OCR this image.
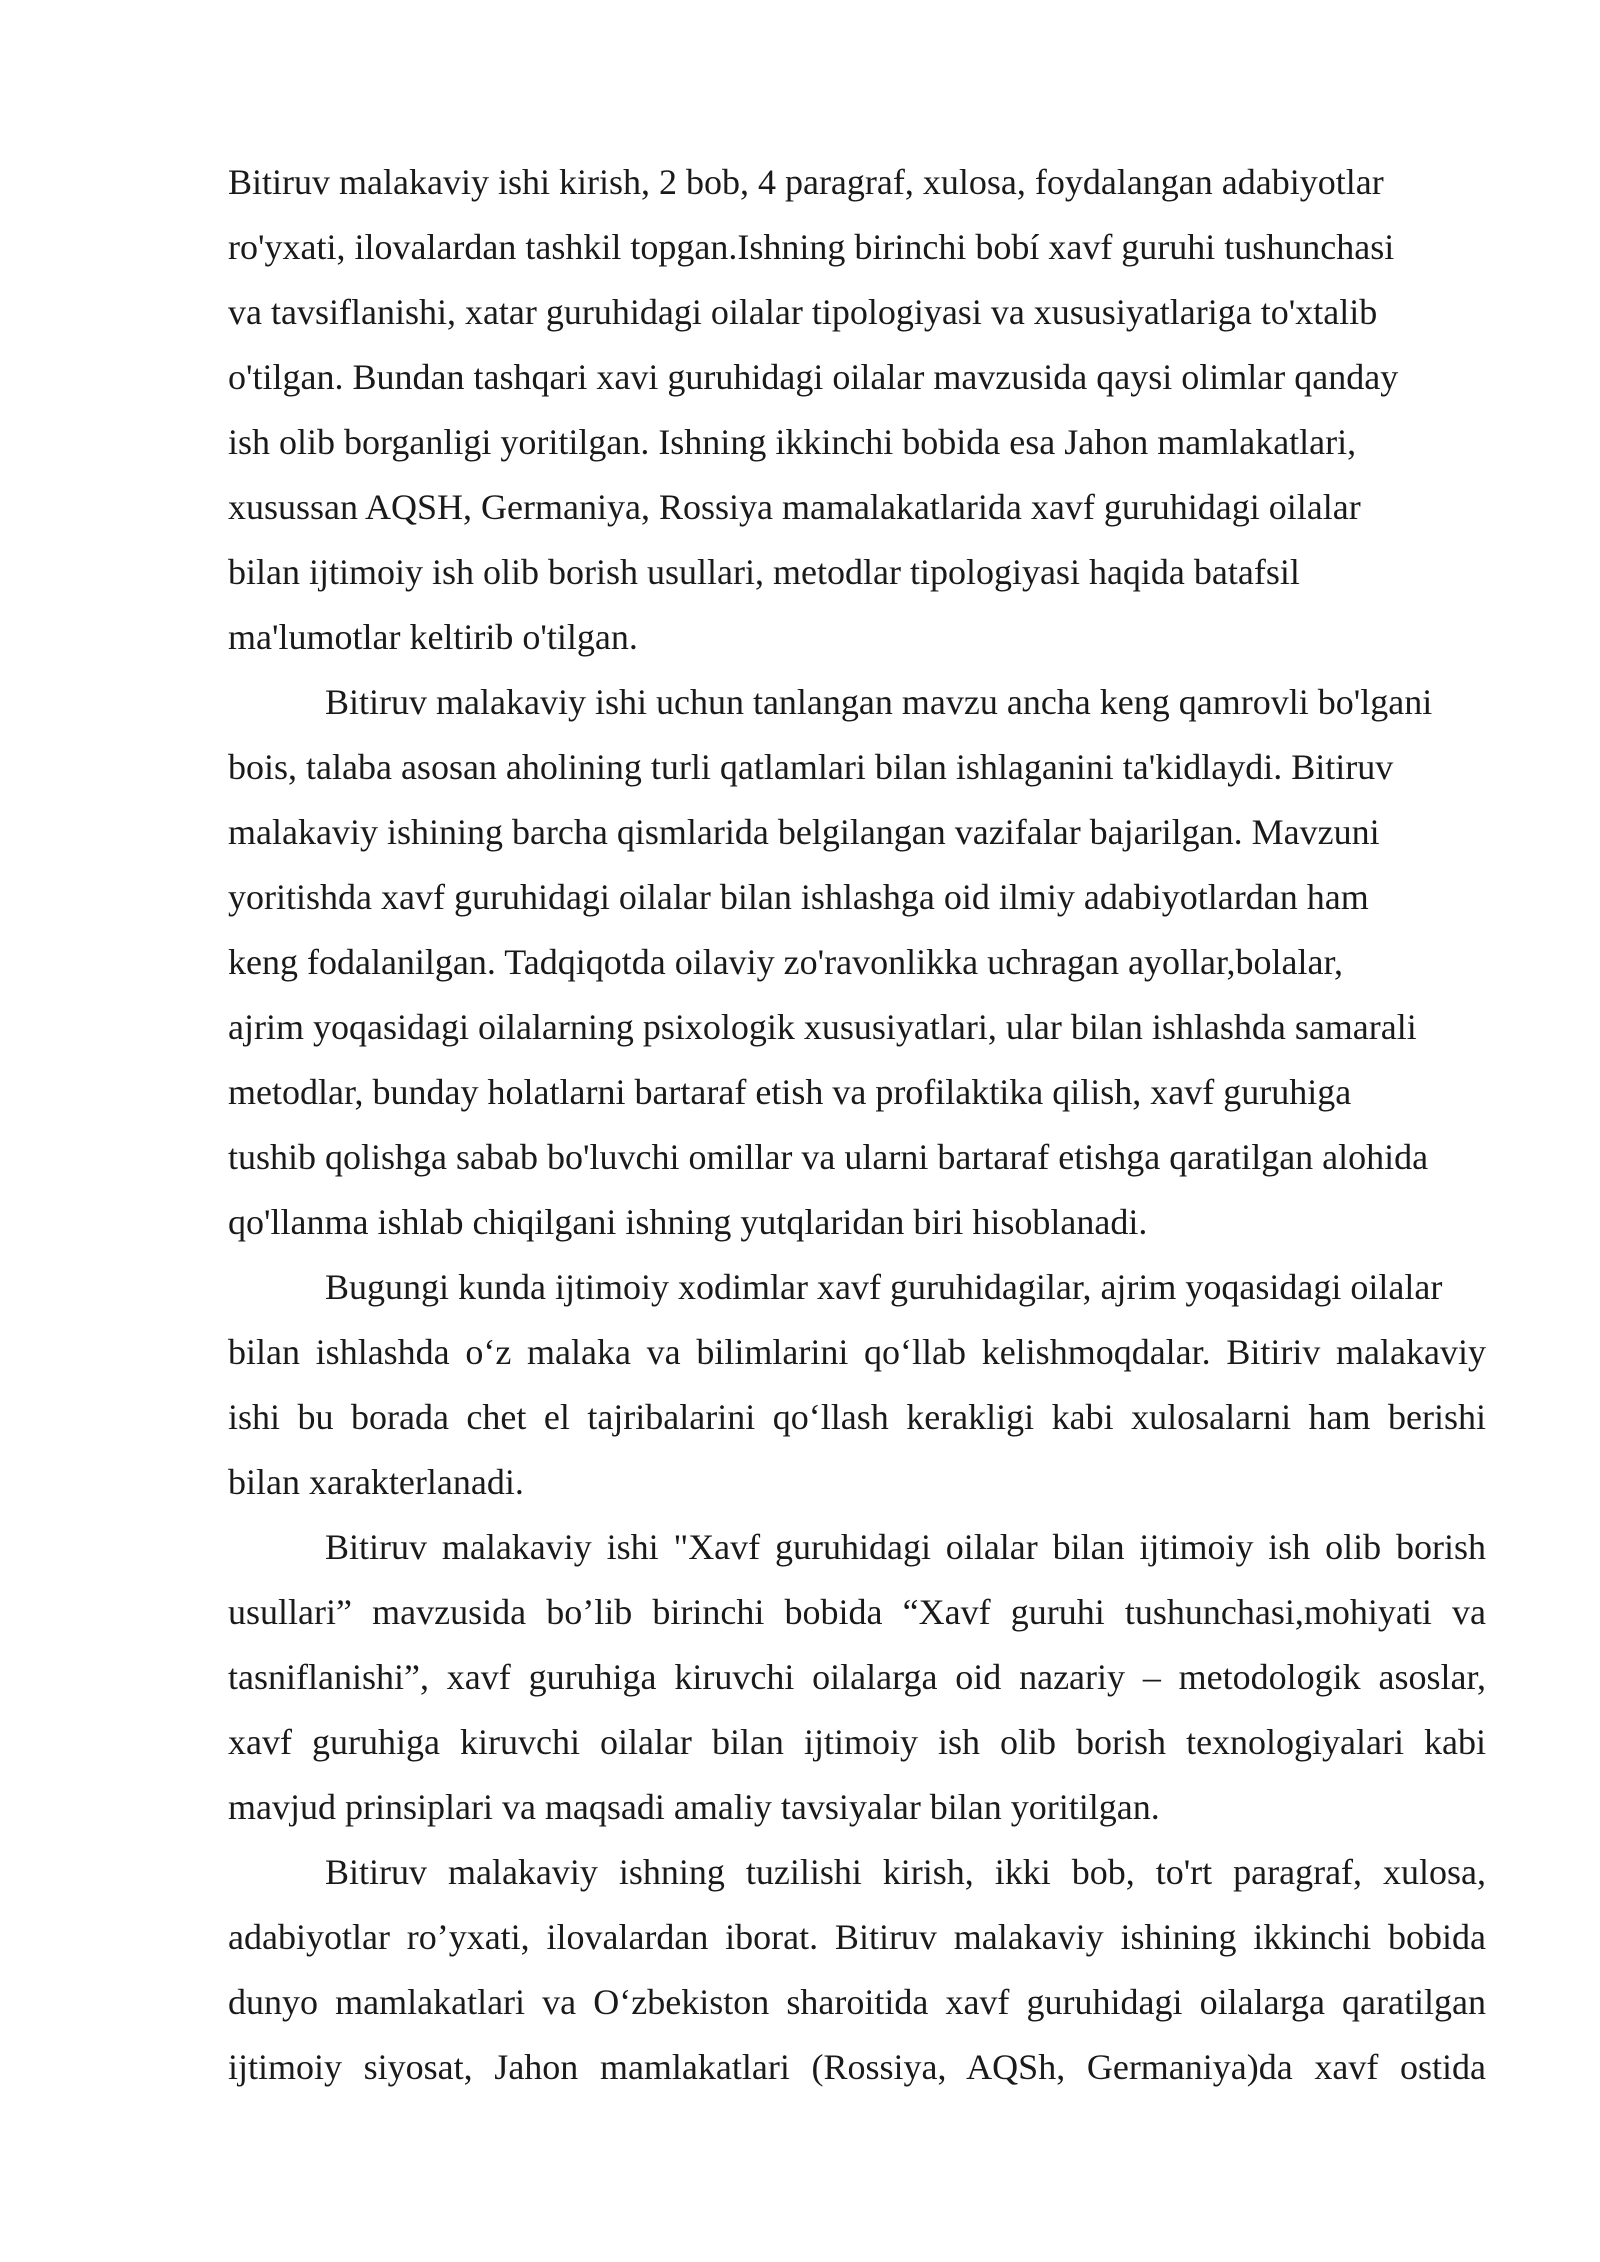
Bitiruv malakaviy ishi kirish, 2 bob, 4 paragraf, xulosa, foydalangan adabiyotlar
ro'yxati, ilovalardan tashkil topgan.Ishning birinchi bobí xavf guruhi tushunchasi
va tavsiflanishi, xatar guruhidagi oilalar tipologiyasi va xususiyatlariga to'xtalib
o'tilgan. Bundan tashqari xavi guruhidagi oilalar mavzusida qaysi olimlar qanday
ish olib borganligi yoritilgan. Ishning ikkinchi bobida esa Jahon mamlakatlari,
xusussan AQSH, Germaniya, Rossiya mamalakatlarida xavf guruhidagi oilalar
bilan ijtimoiy ish olib borish usullari, metodlar tipologiyasi haqida batafsil
ma'lumotlar keltirib o'tilgan.
Bitiruv malakaviy ishi uchun tanlangan mavzu ancha keng qamrovli bo'lgani
bois, talaba asosan aholining turli qatlamlari bilan ishlaganini ta'kidlaydi. Bitiruv
malakaviy ishining barcha qismlarida belgilangan vazifalar bajarilgan. Mavzuni
yoritishda xavf guruhidagi oilalar bilan ishlashga oid ilmiy adabiyotlardan ham
keng fodalanilgan. Tadqiqotda oilaviy zo'ravonlikka uchragan ayollar,bolalar,
ajrim yoqasidagi oilalarning psixologik xususiyatlari, ular bilan ishlashda samarali
metodlar, bunday holatlarni bartaraf etish va profilaktika qilish, xavf guruhiga
tushib qolishga sabab bo'luvchi omillar va ularni bartaraf etishga qaratilgan alohida
qo'llanma ishlab chiqilgani ishning yutqlaridan biri hisoblanadi.
Bugungi kunda ijtimoiy xodimlar xavf guruhidagilar, ajrim yoqasidagi oilalar
bilan ishlashda o‘z malaka va bilimlarini qo‘llab kelishmoqdalar. Bitiriv malakaviy
ishi bu borada chet el tajribalarini qo‘llash kerakligi kabi xulosalarni ham berishi
bilan xarakterlanadi.
Bitiruv malakaviy ishi "Xavf guruhidagi oilalar bilan ijtimoiy ish olib borish
usullari” mavzusida bo’lib birinchi bobida “Xavf guruhi tushunchasi,mohiyati va
tasniflanishi”, xavf guruhiga kiruvchi oilalarga oid nazariy – metodologik asoslar,
xavf guruhiga kiruvchi oilalar bilan ijtimoiy ish olib borish texnologiyalari kabi
mavjud prinsiplari va maqsadi amaliy tavsiyalar bilan yoritilgan.
Bitiruv malakaviy ishning tuzilishi kirish, ikki bob, to'rt paragraf, xulosa,
adabiyotlar ro’yxati, ilovalardan iborat. Bitiruv malakaviy ishining ikkinchi bobida
dunyo mamlakatlari va O‘zbekiston sharoitida xavf guruhidagi oilalarga qaratilgan
ijtimoiy siyosat, Jahon mamlakatlari (Rossiya, AQSh, Germaniya)da xavf ostida
